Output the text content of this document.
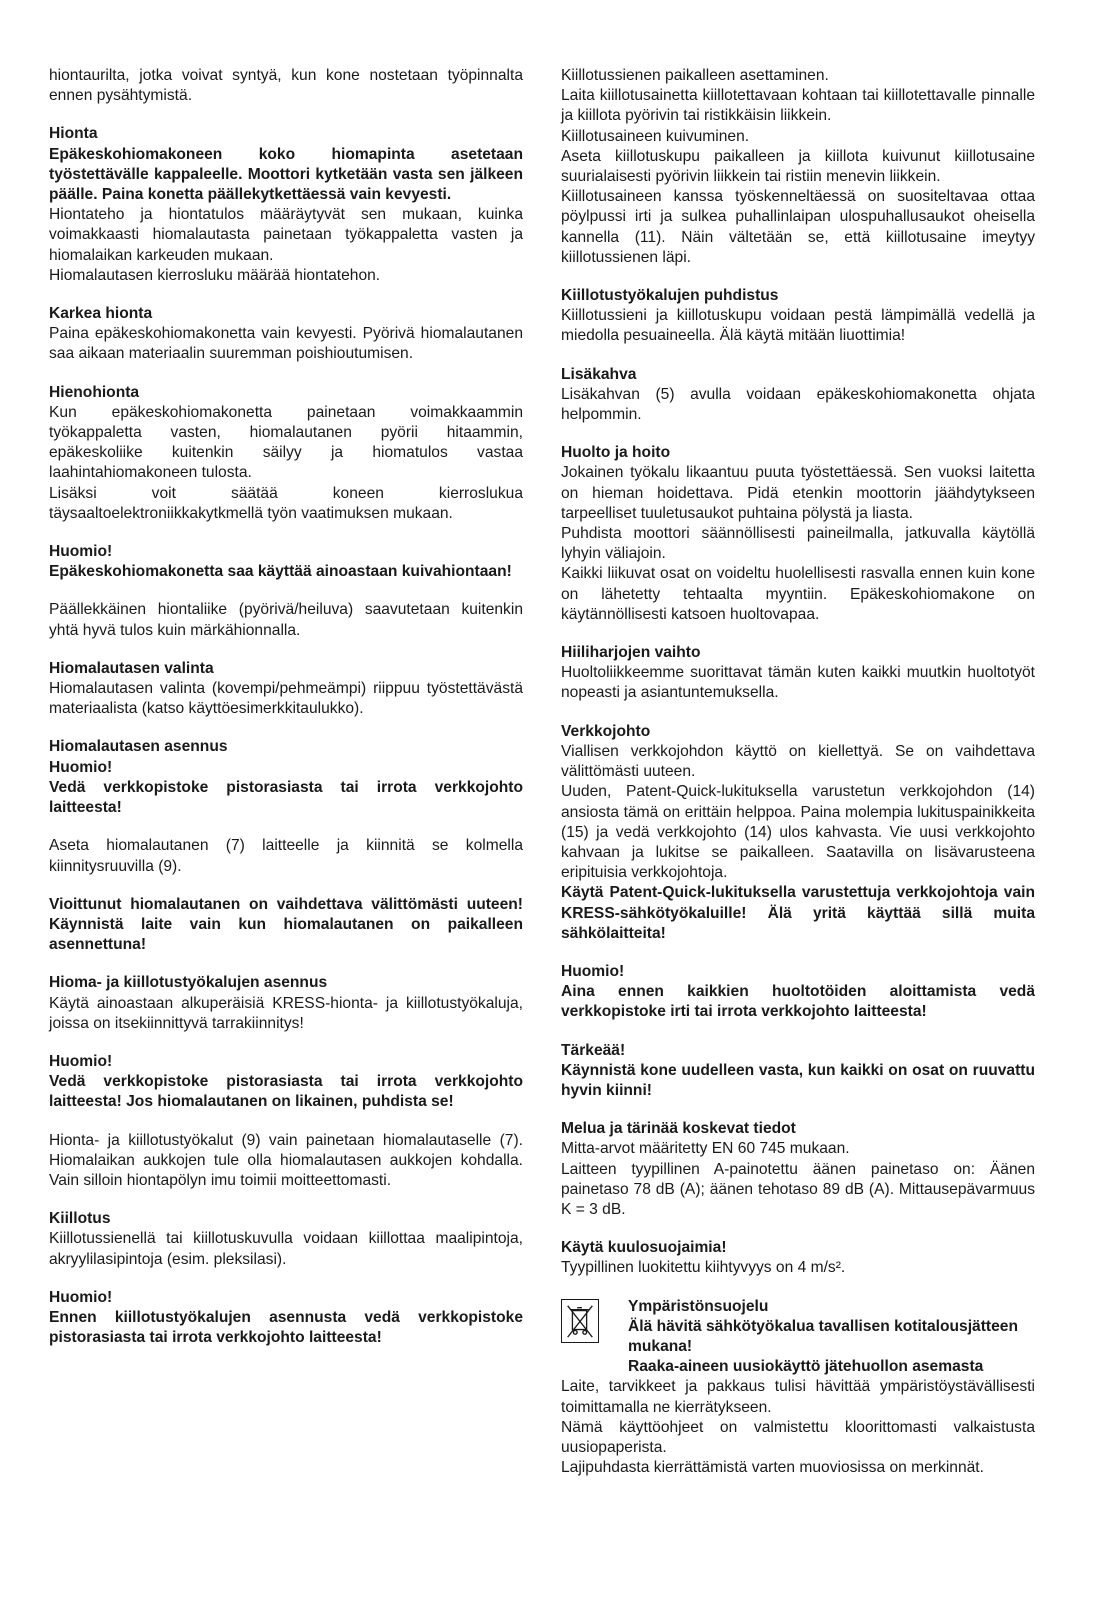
hiontaurilta, jotka voivat syntyä, kun kone nostetaan työpinnalta ennen pysähtymistä.

Hionta

Epäkeskohiomakoneen koko hiomapinta asetetaan työstettävälle kappaleelle. Moottori kytketään vasta sen jälkeen päälle. Paina konetta päällekytkettäessä vain kevyesti.

Hiontateho ja hiontatulos määräytyvät sen mukaan, kuinka voimakkaasti hiomalautasta painetaan työkappaletta vasten ja hiomalaikan karkeuden mukaan.

Hiomalautasen kierrosluku määrää hiontatehon.

Karkea hionta

Paina epäkeskohiomakonetta vain kevyesti. Pyörivä hiomalautanen saa aikaan materiaalin suuremman poishioutumisen.

Hienohionta

Kun epäkeskohiomakonetta painetaan voimakkaammin työkappaletta vasten, hiomalautanen pyörii hitaammin, epäkeskoliike kuitenkin säilyy ja hiomatulos vastaa laahintahiomakoneen tulosta.

Lisäksi voit säätää koneen kierroslukua täysaaltoelektroniikkakytkmellä työn vaatimuksen mukaan.

Huomio!

Epäkeskohiomakonetta saa käyttää ainoastaan kuivahiontaan!

Päällekkäinen hiontaliike (pyörivä/heiluva) saavutetaan kuitenkin yhtä hyvä tulos kuin märkähionnalla.

Hiomalautasen valinta

Hiomalautasen valinta (kovempi/pehmeämpi) riippuu työstettävästä materiaalista (katso käyttöesimerkkitaulukko).

Hiomalautasen asennus

Huomio!

Vedä verkkopistoke pistorasiasta tai irrota verkkojohto laitteesta!

Aseta hiomalautanen (7) laitteelle ja kiinnitä se kolmella kiinnitysruuvilla (9).

Vioittunut hiomalautanen on vaihdettava välittömästi uuteen! Käynnistä laite vain kun hiomalautanen on paikalleen asennettuna!

Hioma- ja kiillotustyökalujen asennus

Käytä ainoastaan alkuperäisiä KRESS-hionta- ja kiillotustyökaluja, joissa on itsekiinnittyvä tarrakiinnitys!

Huomio!

Vedä verkkopistoke pistorasiasta tai irrota verkkojohto laitteesta! Jos hiomalautanen on likainen, puhdista se!

Hionta- ja kiillotustyökalut (9) vain painetaan hiomalautaselle (7). Hiomalaikan aukkojen tule olla hiomalautasen aukkojen kohdalla. Vain silloin hiontapölyn imu toimii moitteettomasti.

Kiillotus

Kiillotussienellä tai kiillotuskuvulla voidaan kiillottaa maalipintoja, akryylilasipintoja (esim. pleksilasi).

Huomio!

Ennen kiillotustyökalujen asennusta vedä verkkopistoke pistorasiasta tai irrota verkkojohto laitteesta!

Kiillotussienen paikalleen asettaminen.

Laita kiillotusainetta kiillotettavaan kohtaan tai kiillotettavalle pinnalle ja kiillota pyörivin tai ristikkäisin liikkein.

Kiillotusaineen kuivuminen.

Aseta kiillotuskupu paikalleen ja kiillota kuivunut kiillotusaine suurialaisesti pyörivin liikkein tai ristiin menevin liikkein.

Kiillotusaineen kanssa työskenneltäessä on suositeltavaa ottaa pöylpussi irti ja sulkea puhallinlaipan ulospuhallusaukot oheisella kannella (11). Näin vältetään se, että kiillotusaine imeytyy kiillotussienen läpi.

Kiillotustyökalujen puhdistus

Kiillotussieni ja kiillotuskupu voidaan pestä lämpimällä vedellä ja miedolla pesuaineella. Älä käytä mitään liuottimia!

Lisäkahva

Lisäkahvan (5) avulla voidaan epäkeskohiomakonetta ohjata helpommin.

Huolto ja hoito

Jokainen työkalu likaantuu puuta työstettäessä. Sen vuoksi laitetta on hieman hoidettava. Pidä etenkin moottorin jäähdytykseen tarpeelliset tuuletusaukot puhtaina pölystä ja liasta.

Puhdista moottori säännöllisesti paineilmalla, jatkuvalla käytöllä lyhyin väliajoin.

Kaikki liikuvat osat on voideltu huolellisesti rasvalla ennen kuin kone on lähetetty tehtaalta myyntiin. Epäkeskohiomakone on käytännöllisesti katsoen huoltovapaa.

Hiiliharjojen vaihto

Huoltoliikkeemme suorittavat tämän kuten kaikki muutkin huoltotyöt nopeasti ja asiantuntemuksella.

Verkkojohto

Viallisen verkkojohdon käyttö on kiellettyä. Se on vaihdettava välittömästi uuteen.

Uuden, Patent-Quick-lukituksella varustetun verkkojohdon (14) ansiosta tämä on erittäin helppoa. Paina molempia lukituspainikkeita (15) ja vedä verkkojohto (14) ulos kahvasta. Vie uusi verkkojohto kahvaan ja lukitse se paikalleen. Saatavilla on lisävarusteena eripituisia verkkojohtoja.

Käytä Patent-Quick-lukituksella varustettuja verkkojohtoja vain KRESS-sähkötyökaluille! Älä yritä käyttää sillä muita sähkölaitteita!

Huomio!

Aina ennen kaikkien huoltotöiden aloittamista vedä verkkopistoke irti tai irrota verkkojohto laitteesta!

Tärkeää!

Käynnistä kone uudelleen vasta, kun kaikki on osat on ruuvattu hyvin kiinni!

Melua ja tärinää koskevat tiedot

Mitta-arvot määritetty EN 60 745 mukaan.

Laitteen tyypillinen A-painotettu äänen painetaso on: Äänen painetaso 78 dB (A); äänen tehotaso 89 dB (A). Mittausepävarmuus K = 3 dB.

Käytä kuulosuojaimia!

Tyypillinen luokitettu kiihtyvyys on 4 m/s².

Ympäristönsuojelu

Älä hävitä sähkötyökalua tavallisen kotitalousjätteen mukana!

Raaka-aineen uusiokäyttö jätehuollon asemasta

Laite, tarvikkeet ja pakkaus tulisi hävittää ympäristöystävällisesti toimittamalla ne kierrätykseen.

Nämä käyttöohjeet on valmistettu kloorittomasti valkaistusta uusiopaperista.

Lajipuhdasta kierrättämistä varten muoviosissa on merkinnät.
